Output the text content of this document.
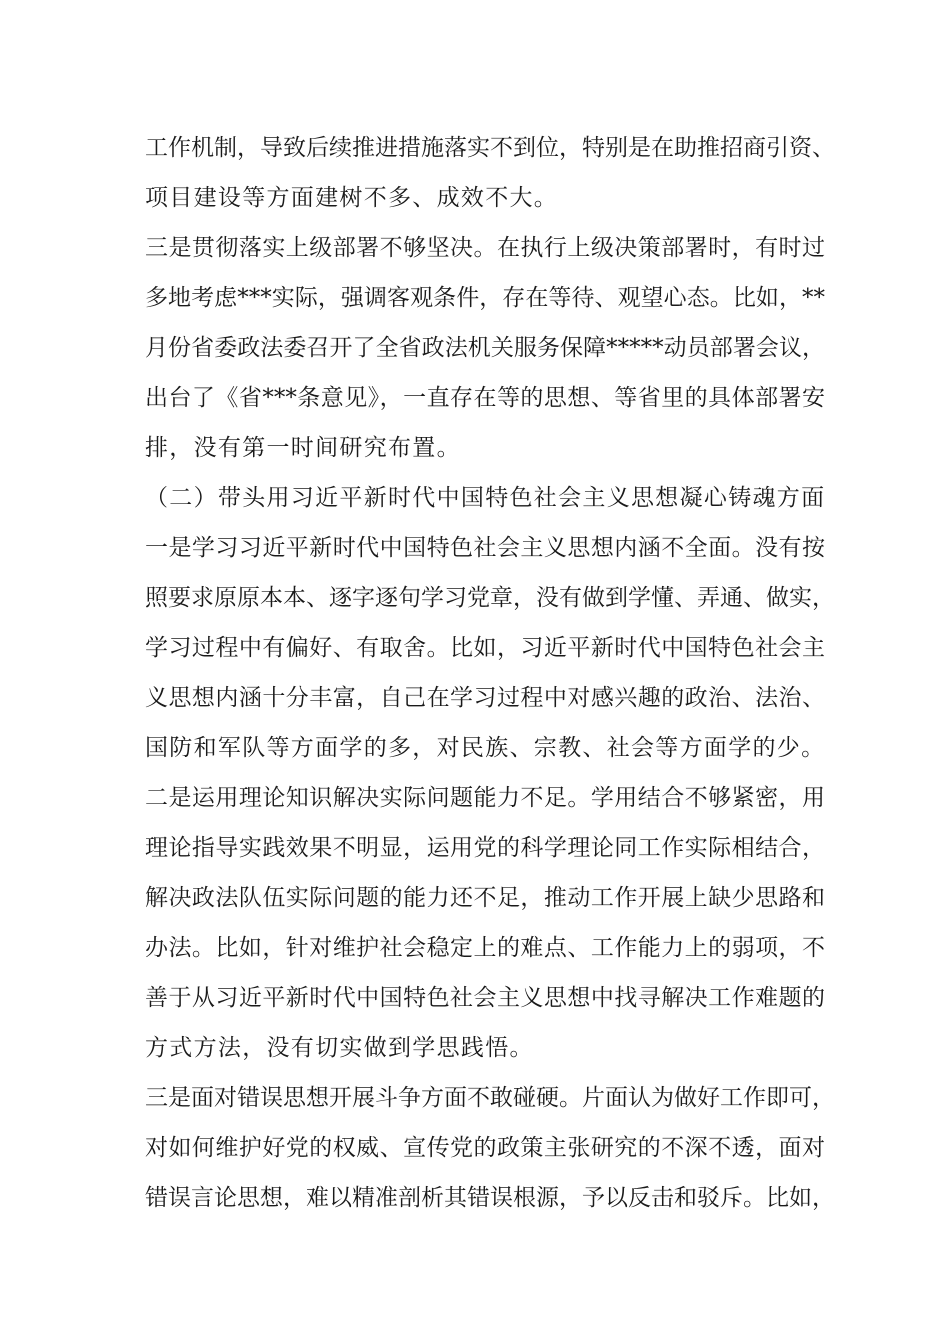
工作机制，导致后续推进措施落实不到位，特别是在助推招商引资、
项目建设等方面建树不多、成效不大。
三是贯彻落实上级部署不够坚决。在执行上级决策部署时，有时过
多地考虑***实际，强调客观条件，存在等待、观望心态。比如，**
月份省委政法委召开了全省政法机关服务保障*****动员部署会议，
出台了《省***条意见》，一直存在等的思想、等省里的具体部署安
排，没有第一时间研究布置。
（二）带头用习近平新时代中国特色社会主义思想凝心铸魂方面
一是学习习近平新时代中国特色社会主义思想内涵不全面。没有按
照要求原原本本、逐字逐句学习党章，没有做到学懂、弄通、做实，
学习过程中有偏好、有取舍。比如，习近平新时代中国特色社会主
义思想内涵十分丰富，自己在学习过程中对感兴趣的政治、法治、
国防和军队等方面学的多，对民族、宗教、社会等方面学的少。
二是运用理论知识解决实际问题能力不足。学用结合不够紧密，用
理论指导实践效果不明显，运用党的科学理论同工作实际相结合，
解决政法队伍实际问题的能力还不足，推动工作开展上缺少思路和
办法。比如，针对维护社会稳定上的难点、工作能力上的弱项，不
善于从习近平新时代中国特色社会主义思想中找寻解决工作难题的
方式方法，没有切实做到学思践悟。
三是面对错误思想开展斗争方面不敢碰硬。片面认为做好工作即可，
对如何维护好党的权威、宣传党的政策主张研究的不深不透，面对
错误言论思想，难以精准剖析其错误根源，予以反击和驳斥。比如，
